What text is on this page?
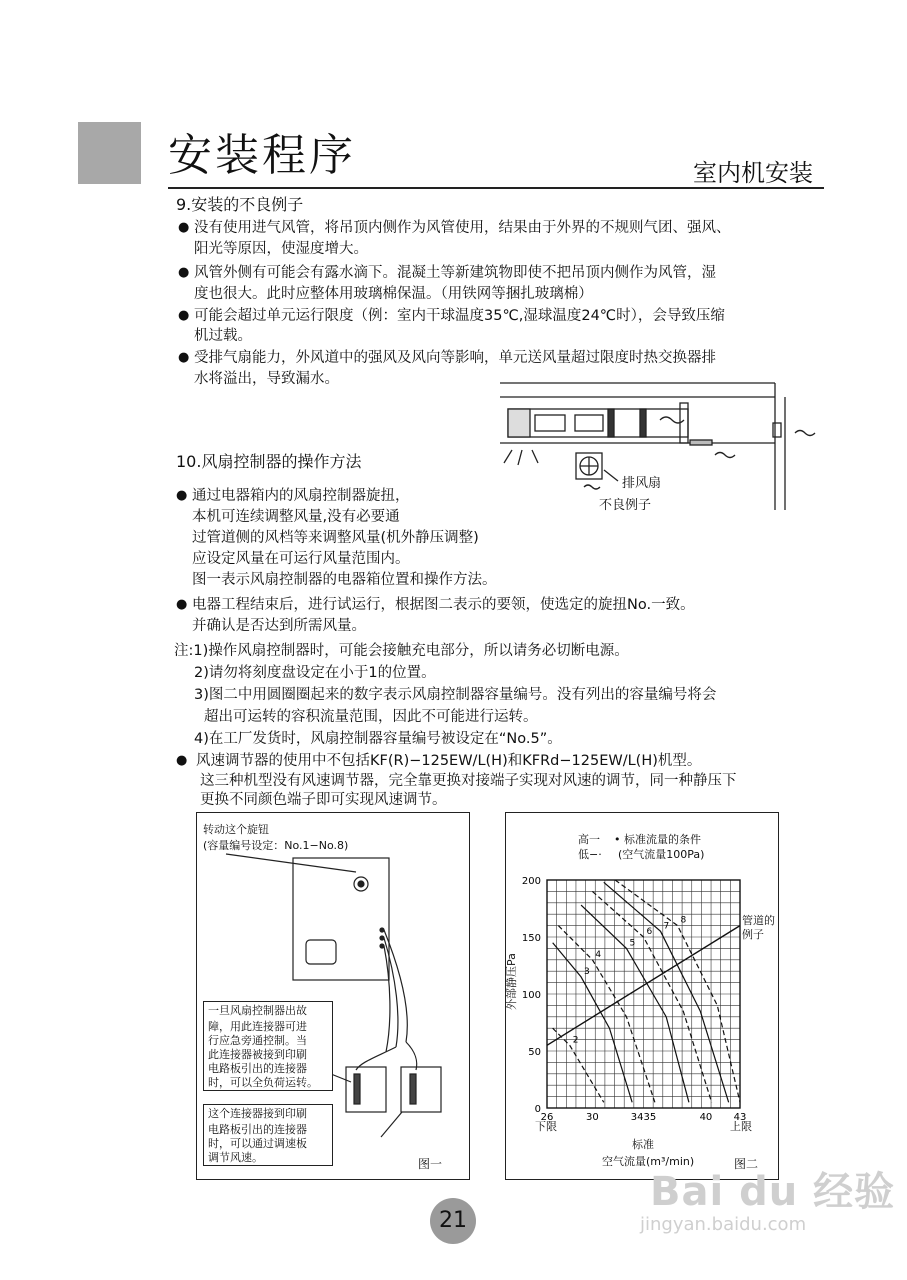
安装程序	室内机安装
9.安装的不良例子
● 没有使用进气风管，将吊顶内侧作为风管使用，结果由于外界的不规则气团、强风、
阳光等原因，使湿度增大。
● 风管外侧有可能会有露水滴下。混凝土等新建筑物即使不把吊顶内侧作为风管，湿
度也很大。此时应整体用玻璃棉保温。（用铁网等捆扎玻璃棉）
● 可能会超过单元运行限度（例：室内干球温度35℃,湿球温度24℃时），会导致压缩
机过载。
● 受排气扇能力，外风道中的强风及风向等影响，单元送风量超过限度时热交换器排
水将溢出，导致漏水。
排风扇
不良例子
10.风扇控制器的操作方法
● 通过电器箱内的风扇控制器旋扭，
本机可连续调整风量,没有必要通
过管道侧的风档等来调整风量(机外静压调整)
应设定风量在可运行风量范围内。
图一表示风扇控制器的电器箱位置和操作方法。
● 电器工程结束后，进行试运行，根据图二表示的要领，使选定的旋扭No.一致。
并确认是否达到所需风量。
注:1)操作风扇控制器时，可能会接触充电部分，所以请务必切断电源。
2)请勿将刻度盘设定在小于1的位置。
3)图二中用圆圈圈起来的数字表示风扇控制器容量编号。没有列出的容量编号将会
超出可运转的容积流量范围，因此不可能进行运转。
4)在工厂发货时，风扇控制器容量编号被设定在“No.5”。
● 风速调节器的使用中不包括KF(R)−125EW/L(H)和KFRd−125EW/L(H)机型。
这三种机型没有风速调节器，完全靠更换对接端子实现对风速的调节，同一种静压下
更换不同颜色端子即可实现风速调节。
转动这个旋钮
(容量编号设定：No.1−No.8)
一旦风扇控制器出故
障，用此连接器可进
行应急旁通控制。当
此连接器被接到印刷
电路板引出的连接器
时，可以全负荷运转。
这个连接器接到印刷
电路板引出的连接器
时，可以通过调速板
调节风速。	图一
高一
低−·
• 标准流量的条件
(空气流量100Pa)
管道的
例子
标准
空气流量(m³/min)
下限	上限
图二
外部静压Pa
0
50
100
150
200
26	30	3435	40 43
2
3
4
5
6
7
8
21
Bai du 经验
jingyan.baidu.com
